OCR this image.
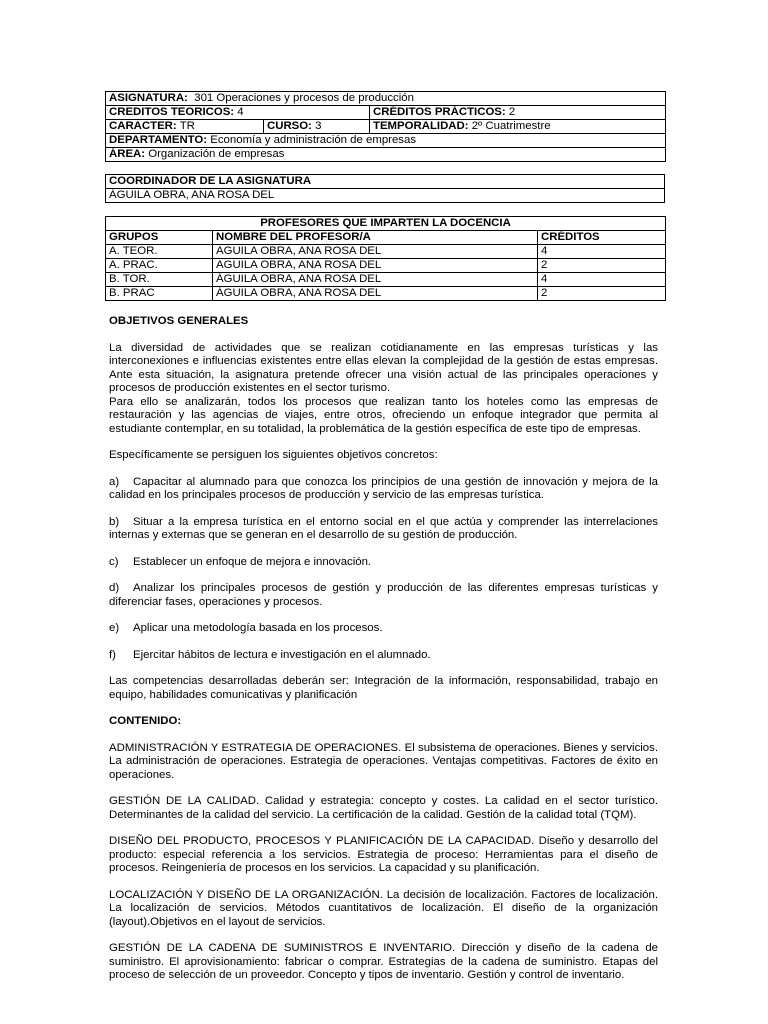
ASIGNATURA: 301 Operaciones y procesos de producción		
CREDITOS TEORICOS: 4		CRÉDITOS PRÁCTICOS: 2
CARACTER: TR	CURSO: 3	TEMPORALIDAD: 2º Cuatrimestre
DEPARTAMENTO: Economía y administración de empresas		
ÁREA: Organización de empresas		
COORDINADOR DE LA ASIGNATURA
ÁGUILA OBRA, ANA ROSA DEL
PROFESORES QUE IMPARTEN LA DOCENCIA		
GRUPOS	NOMBRE DEL PROFESOR/A	CRÉDITOS
A. TEOR.	AGUILA OBRA, ANA ROSA DEL	4
A. PRAC.	AGUILA OBRA, ANA ROSA DEL	2
B. TOR.	ÁGUILA OBRA, ANA ROSA DEL	4
B. PRAC	ÁGUILA OBRA, ANA ROSA DEL	2

OBJETIVOS GENERALES

La diversidad de actividades que se realizan cotidianamente en las empresas turísticas y las interconexiones e influencias existentes entre ellas elevan la complejidad de la gestión de estas empresas. Ante esta situación, la asignatura pretende ofrecer una visión actual de las principales operaciones y procesos de producción existentes en el sector turismo.

Para ello se analizarán, todos los procesos que realizan tanto los hoteles como las empresas de restauración y las agencias de viajes, entre otros, ofreciendo un enfoque integrador que permita al estudiante contemplar, en su totalidad, la problemática de la gestión específica de este tipo de empresas.

Específicamente se persiguen los siguientes objetivos concretos:

a) Capacitar al alumnado para que conozca los principios de una gestión de innovación y mejora de la calidad en los principales procesos de producción y servicio de las empresas turística.

b) Situar a la empresa turística en el entorno social en el que actúa y comprender las interrelaciones internas y externas que se generan en el desarrollo de su gestión de producción.

c) Establecer un enfoque de mejora e innovación.

d) Analizar los principales procesos de gestión y producción de las diferentes empresas turísticas y diferenciar fases, operaciones y procesos.

e) Aplicar una metodología basada en los procesos.

f) Ejercitar hábitos de lectura e investigación en el alumnado.

Las competencias desarrolladas deberán ser: Integración de la información, responsabilidad, trabajo en equipo, habilidades comunicativas y planificación

CONTENIDO:

ADMINISTRACIÓN Y ESTRATEGIA DE OPERACIONES. El subsistema de operaciones. Bienes y servicios. La administración de operaciones. Estrategia de operaciones. Ventajas competitivas. Factores de éxito en operaciones.

GESTIÓN DE LA CALIDAD. Calidad y estrategia: concepto y costes. La calidad en el sector turístico. Determinantes de la calidad del servicio. La certificación de la calidad. Gestión de la calidad total (TQM).

DISEÑO DEL PRODUCTO, PROCESOS Y PLANIFICACIÓN DE LA CAPACIDAD. Diseño y desarrollo del producto: especial referencia a los servicios. Estrategia de proceso: Herramientas para el diseño de procesos. Reingeniería de procesos en los servicios. La capacidad y su planificación.

LOCALIZACIÓN Y DISEÑO DE LA ORGANIZACIÓN. La decisión de localización. Factores de localización. La localización de servicios. Métodos cuantitativos de localización. El diseño de la organización (layout).Objetivos en el layout de servicios.

GESTIÓN DE LA CADENA DE SUMINISTROS E INVENTARIO. Dirección y diseño de la cadena de suministro. El aprovisionamiento: fabricar o comprar. Estrategias de la cadena de suministro. Etapas del proceso de selección de un proveedor. Concepto y tipos de inventario. Gestión y control de inventario.
